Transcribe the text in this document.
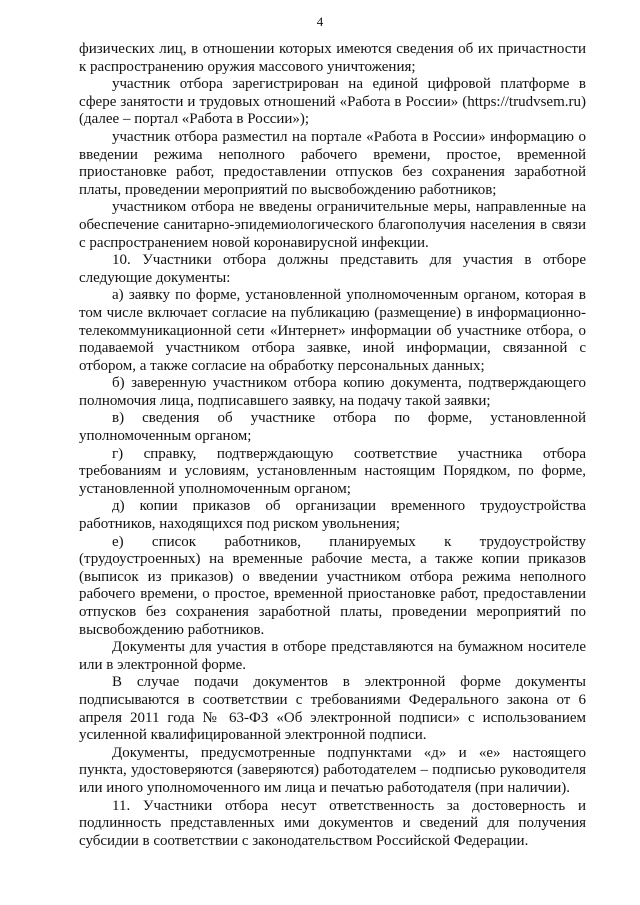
4

физических лиц, в отношении которых имеются сведения об их причастности к распространению оружия массового уничтожения;

участник отбора зарегистрирован на единой цифровой платформе в сфере занятости и трудовых отношений «Работа в России» (https://trudvsem.ru) (далее – портал «Работа в России»);

участник отбора разместил на портале «Работа в России» информацию о введении режима неполного рабочего времени, простое, временной приостановке работ, предоставлении отпусков без сохранения заработной платы, проведении мероприятий по высвобождению работников;

участником отбора не введены ограничительные меры, направленные на обеспечение санитарно-эпидемиологического благополучия населения в связи с распространением новой коронавирусной инфекции.

10. Участники отбора должны представить для участия в отборе следующие документы:

а) заявку по форме, установленной уполномоченным органом, которая в том числе включает согласие на публикацию (размещение) в информационно-телекоммуникационной сети «Интернет» информации об участнике отбора, о подаваемой участником отбора заявке, иной информации, связанной с отбором, а также согласие на обработку персональных данных;

б) заверенную участником отбора копию документа, подтверждающего полномочия лица, подписавшего заявку, на подачу такой заявки;

в) сведения об участнике отбора по форме, установленной уполномоченным органом;

г) справку, подтверждающую соответствие участника отбора требованиям и условиям, установленным настоящим Порядком, по форме, установленной уполномоченным органом;

д) копии приказов об организации временного трудоустройства работников, находящихся под риском увольнения;

е) список работников, планируемых к трудоустройству (трудоустроенных) на временные рабочие места, а также копии приказов (выписок из приказов) о введении участником отбора режима неполного рабочего времени, о простое, временной приостановке работ, предоставлении отпусков без сохранения заработной платы, проведении мероприятий по высвобождению работников.

Документы для участия в отборе представляются на бумажном носителе или в электронной форме.

В случае подачи документов в электронной форме документы подписываются в соответствии с требованиями Федерального закона от 6 апреля 2011 года № 63-ФЗ «Об электронной подписи» с использованием усиленной квалифицированной электронной подписи.

Документы, предусмотренные подпунктами «д» и «е» настоящего пункта, удостоверяются (заверяются) работодателем – подписью руководителя или иного уполномоченного им лица и печатью работодателя (при наличии).

11. Участники отбора несут ответственность за достоверность и подлинность представленных ими документов и сведений для получения субсидии в соответствии с законодательством Российской Федерации.
